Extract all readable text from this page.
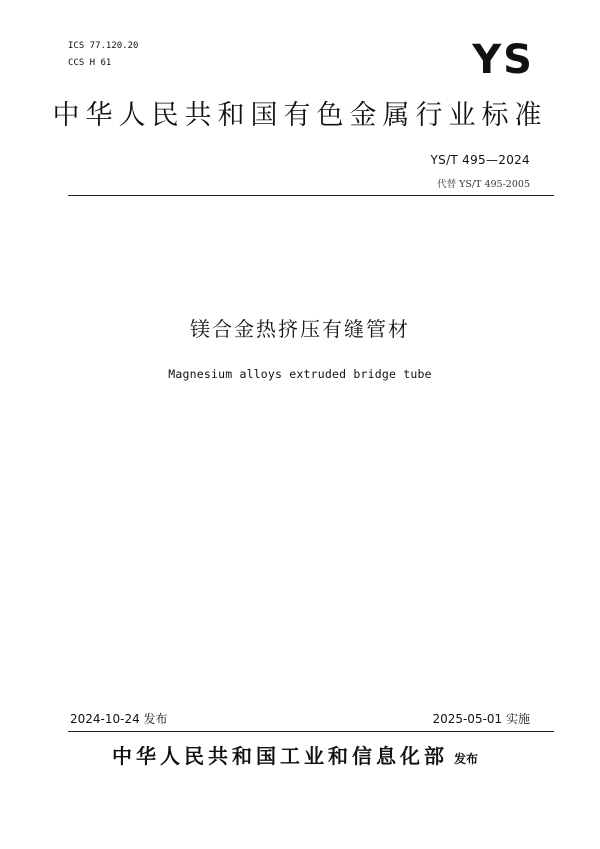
ICS 77.120.20
CCS H 61	YS
中华人民共和国有色金属行业标准
YS/T 495—2024
代替 YS/T 495-2005
镁合金热挤压有缝管材
Magnesium alloys extruded bridge tube
2024-10-24 发布	2025-05-01 实施
中华人民共和国工业和信息化部 发布
